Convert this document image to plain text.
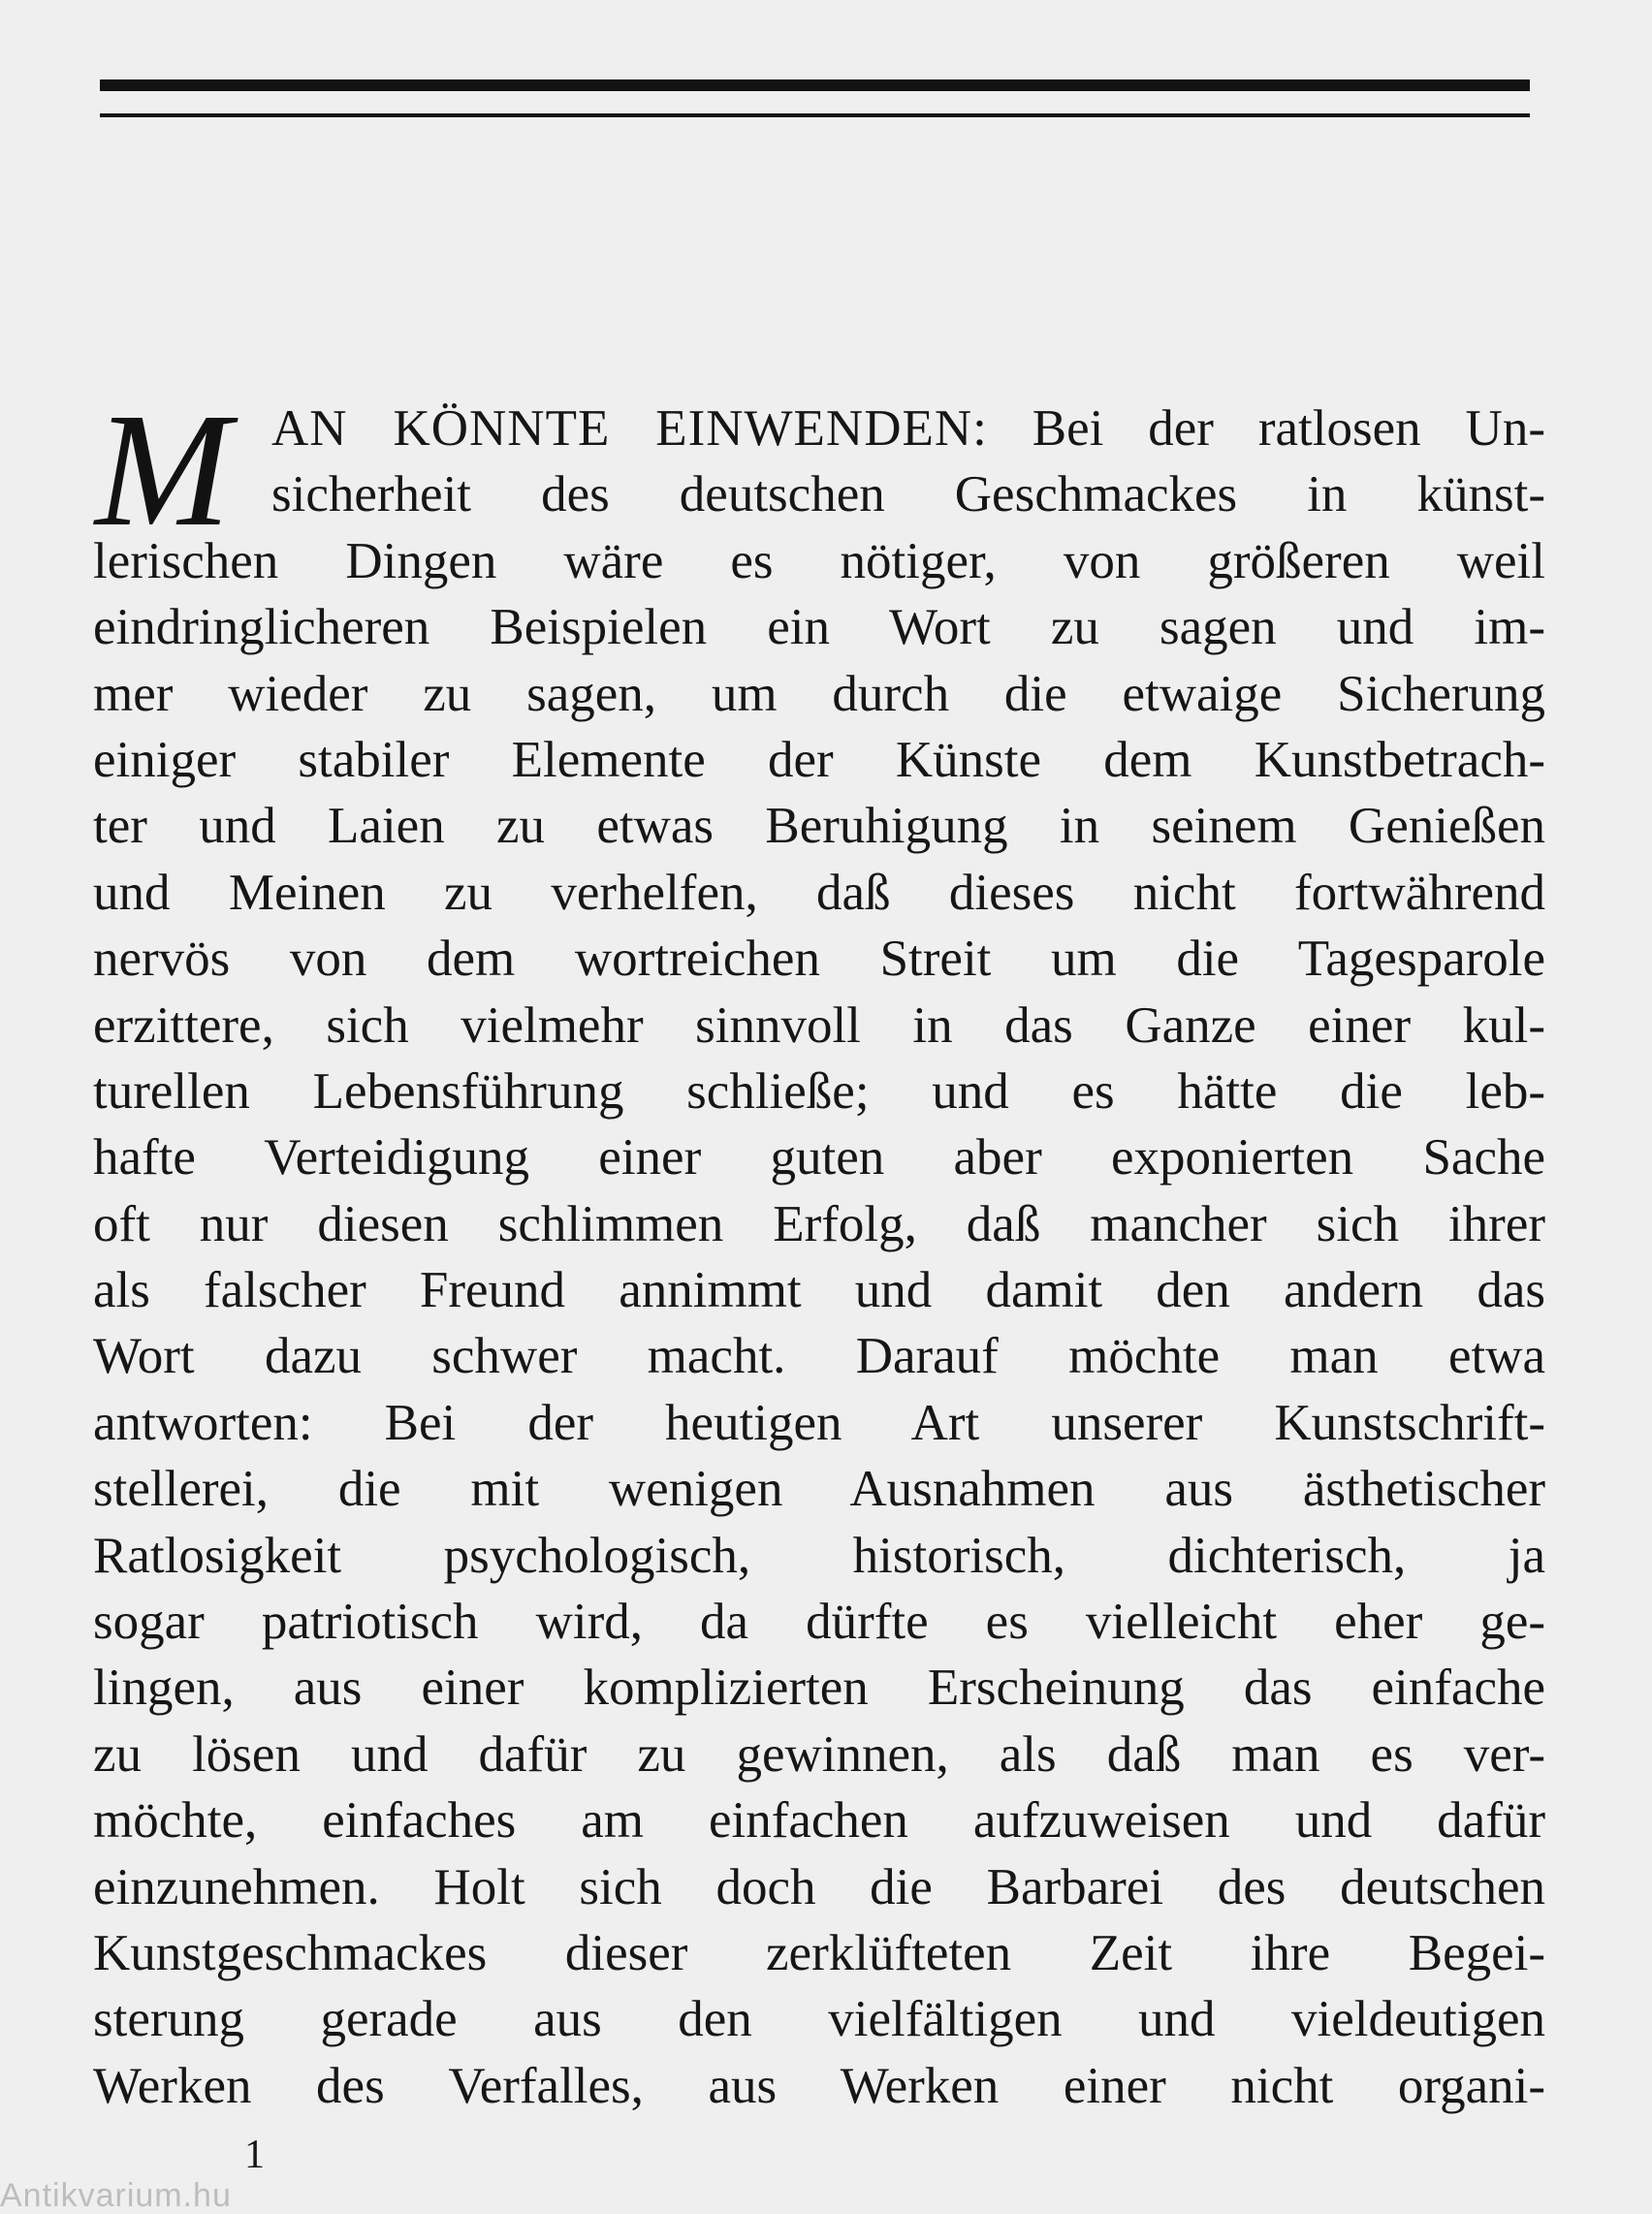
M AN KÖNNTE EINWENDEN: Bei der ratlosen Un-
sicherheit des deutschen Geschmackes in künst-
lerischen Dingen wäre es nötiger, von größeren weil
eindringlicheren Beispielen ein Wort zu sagen und im-
mer wieder zu sagen, um durch die etwaige Sicherung
einiger stabiler Elemente der Künste dem Kunstbetrach-
ter und Laien zu etwas Beruhigung in seinem Genießen
und Meinen zu verhelfen, daß dieses nicht fortwährend
nervös von dem wortreichen Streit um die Tagesparole
erzittere, sich vielmehr sinnvoll in das Ganze einer kul-
turellen Lebensführung schließe; und es hätte die leb-
hafte Verteidigung einer guten aber exponierten Sache
oft nur diesen schlimmen Erfolg, daß mancher sich ihrer
als falscher Freund annimmt und damit den andern das
Wort dazu schwer macht. Darauf möchte man etwa
antworten: Bei der heutigen Art unserer Kunstschrift-
stellerei, die mit wenigen Ausnahmen aus ästhetischer
Ratlosigkeit psychologisch, historisch, dichterisch, ja
sogar patriotisch wird, da dürfte es vielleicht eher ge-
lingen, aus einer komplizierten Erscheinung das einfache
zu lösen und dafür zu gewinnen, als daß man es ver-
möchte, einfaches am einfachen aufzuweisen und dafür
einzunehmen. Holt sich doch die Barbarei des deutschen
Kunstgeschmackes dieser zerklüfteten Zeit ihre Begei-
sterung gerade aus den vielfältigen und vieldeutigen
Werken des Verfalles, aus Werken einer nicht organi-
1
Antikvarium.hu
